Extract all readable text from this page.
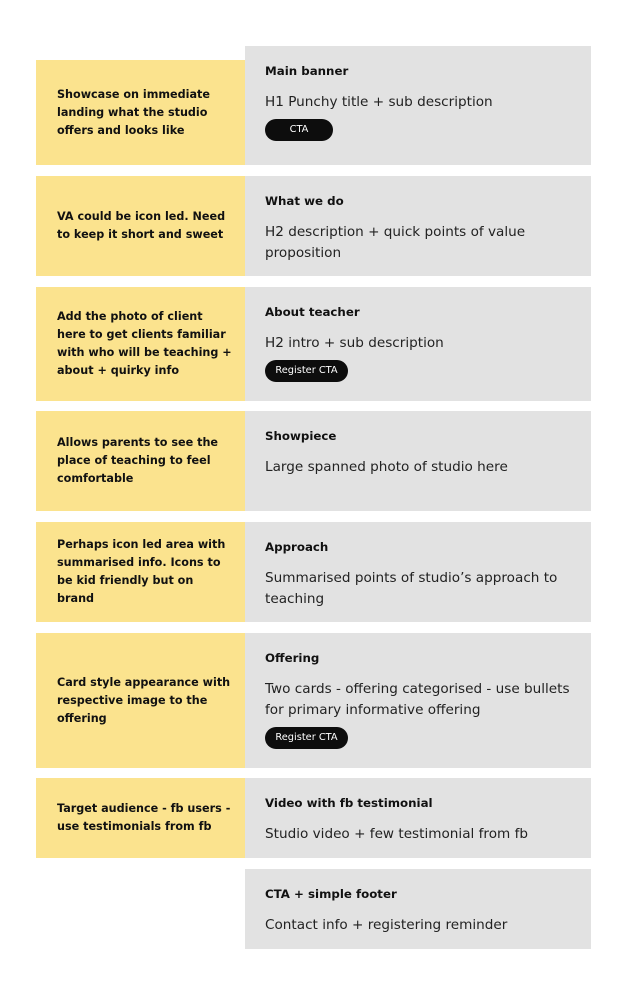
Showcase on immediate landing what the studio offers and looks like
Main banner
H1 Punchy title + sub description
CTA
VA could be icon led. Need to keep it short and sweet
What we do
H2 description + quick points of value proposition
Add the photo of client here to get clients familiar with who will be teaching + about + quirky info
About teacher
H2 intro + sub description
Register CTA
Allows parents to see the place of teaching to feel comfortable
Showpiece
Large spanned photo of studio here
Perhaps icon led area with summarised info. Icons to be kid friendly but on brand
Approach
Summarised points of studio’s approach to teaching
Card style appearance with respective image to the offering
Offering
Two cards - offering categorised - use bullets for primary informative offering
Register CTA
Target audience - fb users - use testimonials from fb
Video with fb testimonial
Studio video + few testimonial from fb
CTA + simple footer
Contact info + registering reminder
